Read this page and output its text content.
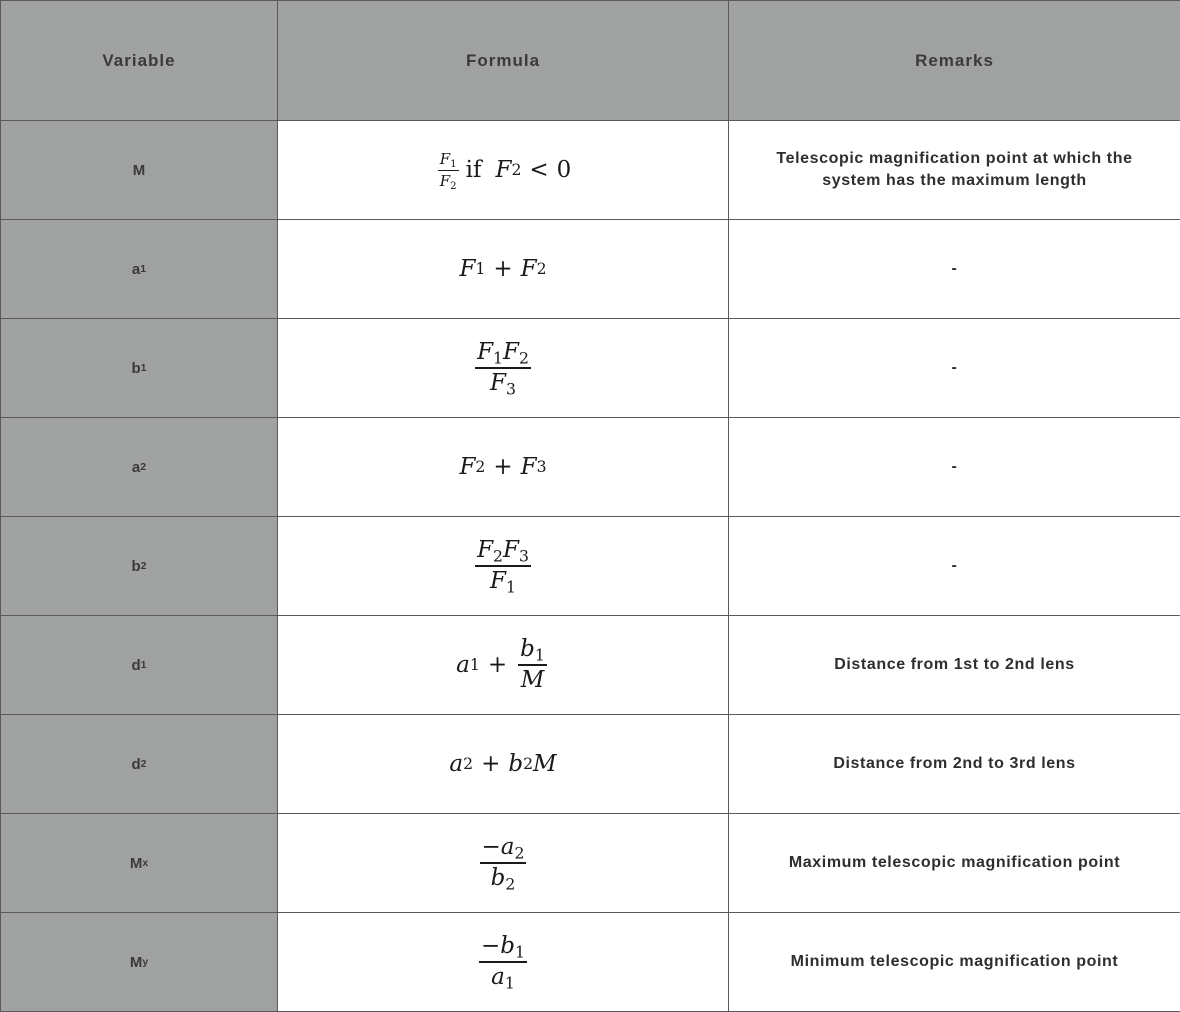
Variable	Formula	Remarks
M	$\frac{F_1}{F_2}$ if F 2 < 0	Telescopic magnification point at which the system has the maximum length
a 1	F 1 + F 2	-
b 1	$\frac{F_1F_2}{F_3}$	-
a 2	F 2 + F 3	-
b 2	$\frac{F_2F_3}{F_1}$	-
d 1	a $1 + \frac{b_1}{M}$	Distance from 1st to 2nd lens
d 2	a 2 + b 2 M	Distance from 2nd to 3rd lens
M x	$\frac{-a_2}{b_2}$	Maximum telescopic magnification point
M y	$\frac{-b_1}{a_1}$	Minimum telescopic magnification point
